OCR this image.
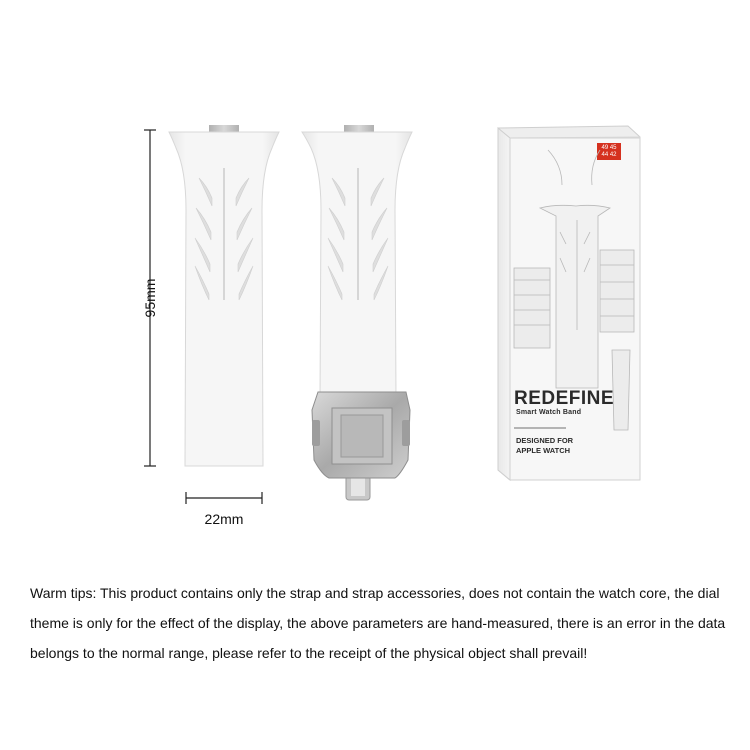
95mm
22mm
REDEFINE
Smart Watch Band
DESIGNED FOR
APPLE WATCH
49 45
44 42
Warm tips: This product contains only the strap and strap accessories, does not contain the watch core, the dial theme is only for the effect of the display, the above parameters are hand-measured, there is an error in the data belongs to the normal range, please refer to the receipt of the physical object shall prevail!
